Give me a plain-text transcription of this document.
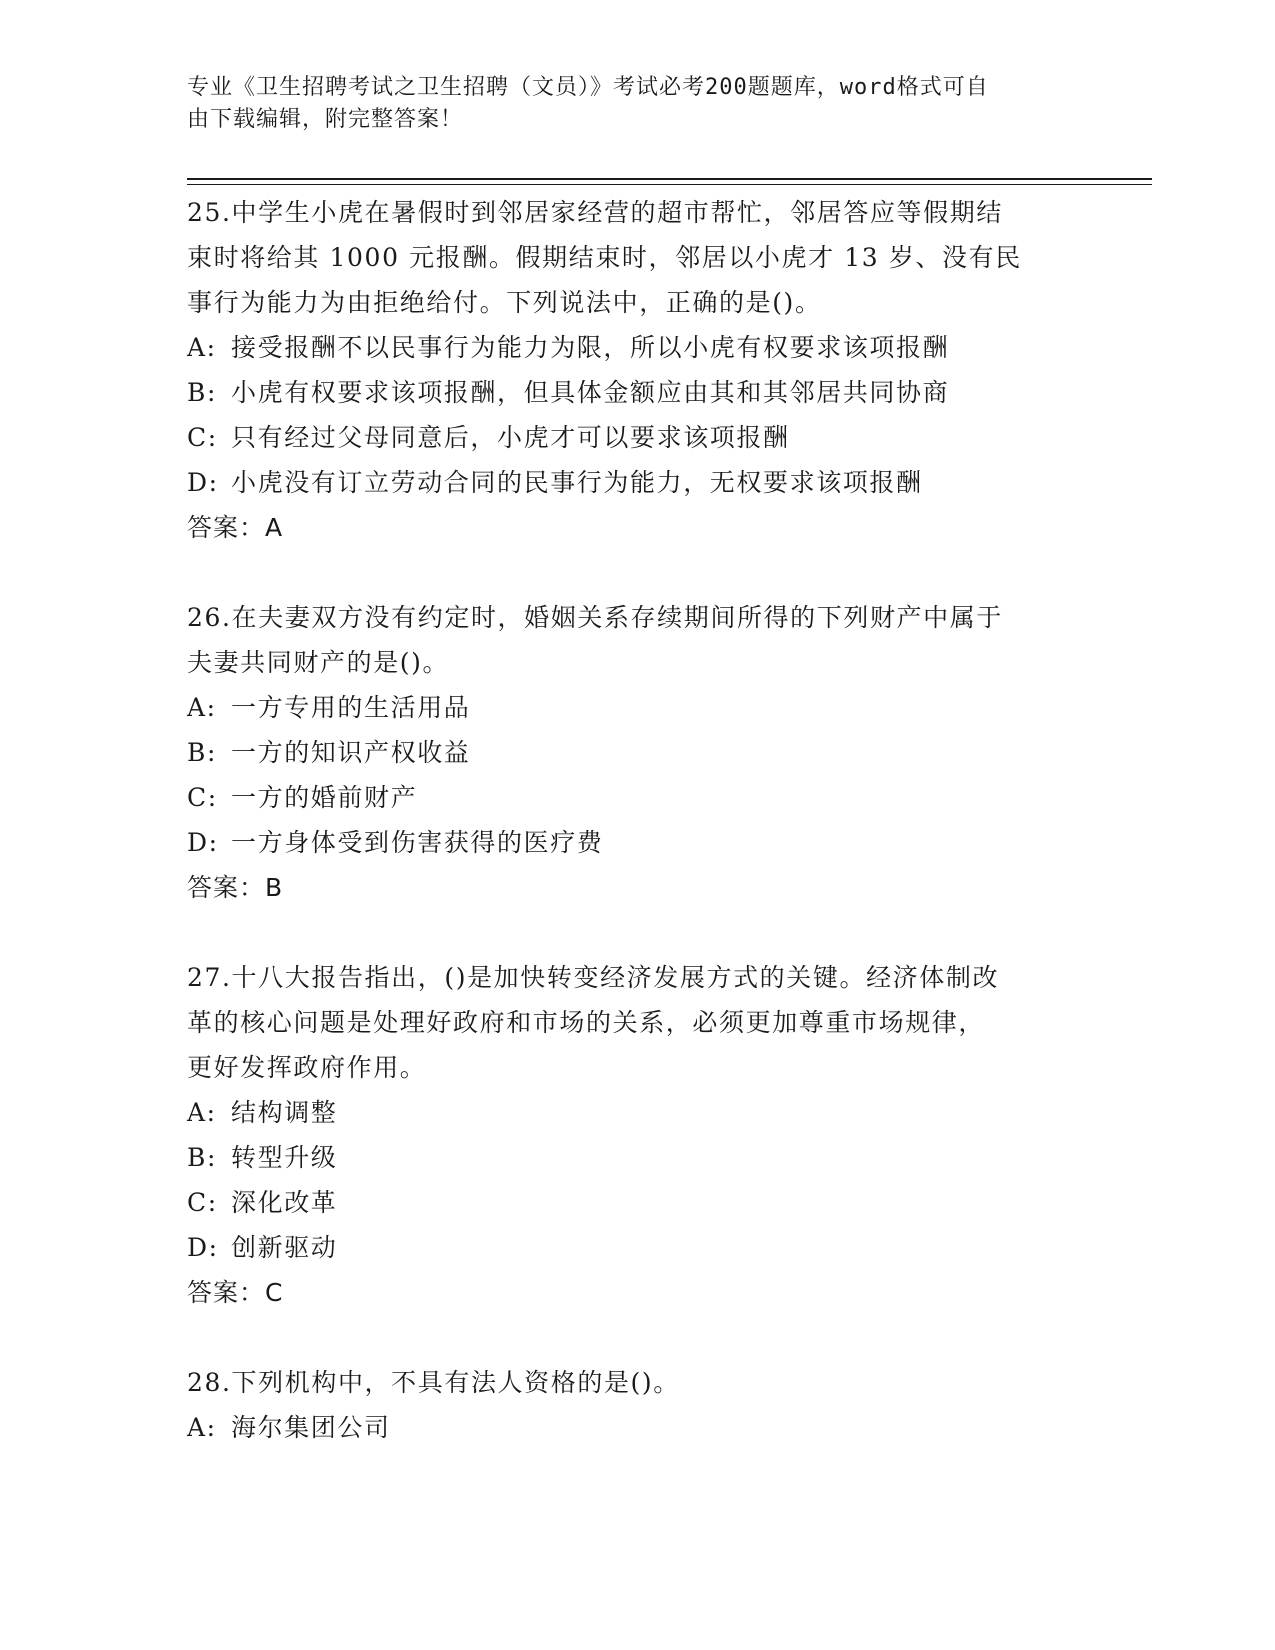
专业《卫生招聘考试之卫生招聘（文员）》考试必考200题题库，word格式可自
由下载编辑，附完整答案！

25.中学生小虎在暑假时到邻居家经营的超市帮忙，邻居答应等假期结

束时将给其 1000 元报酬。假期结束时，邻居以小虎才 13 岁、没有民

事行为能力为由拒绝给付。下列说法中，正确的是()。

A: 接受报酬不以民事行为能力为限，所以小虎有权要求该项报酬
B: 小虎有权要求该项报酬，但具体金额应由其和其邻居共同协商
C: 只有经过父母同意后，小虎才可以要求该项报酬
D: 小虎没有订立劳动合同的民事行为能力，无权要求该项报酬

答案：A

26.在夫妻双方没有约定时，婚姻关系存续期间所得的下列财产中属于

夫妻共同财产的是()。

A: 一方专用的生活用品
B: 一方的知识产权收益
C: 一方的婚前财产
D: 一方身体受到伤害获得的医疗费

答案：B

27.十八大报告指出，()是加快转变经济发展方式的关键。经济体制改

革的核心问题是处理好政府和市场的关系，必须更加尊重市场规律，

更好发挥政府作用。

A: 结构调整
B: 转型升级
C: 深化改革
D: 创新驱动

答案：C

28.下列机构中，不具有法人资格的是()。

A: 海尔集团公司
